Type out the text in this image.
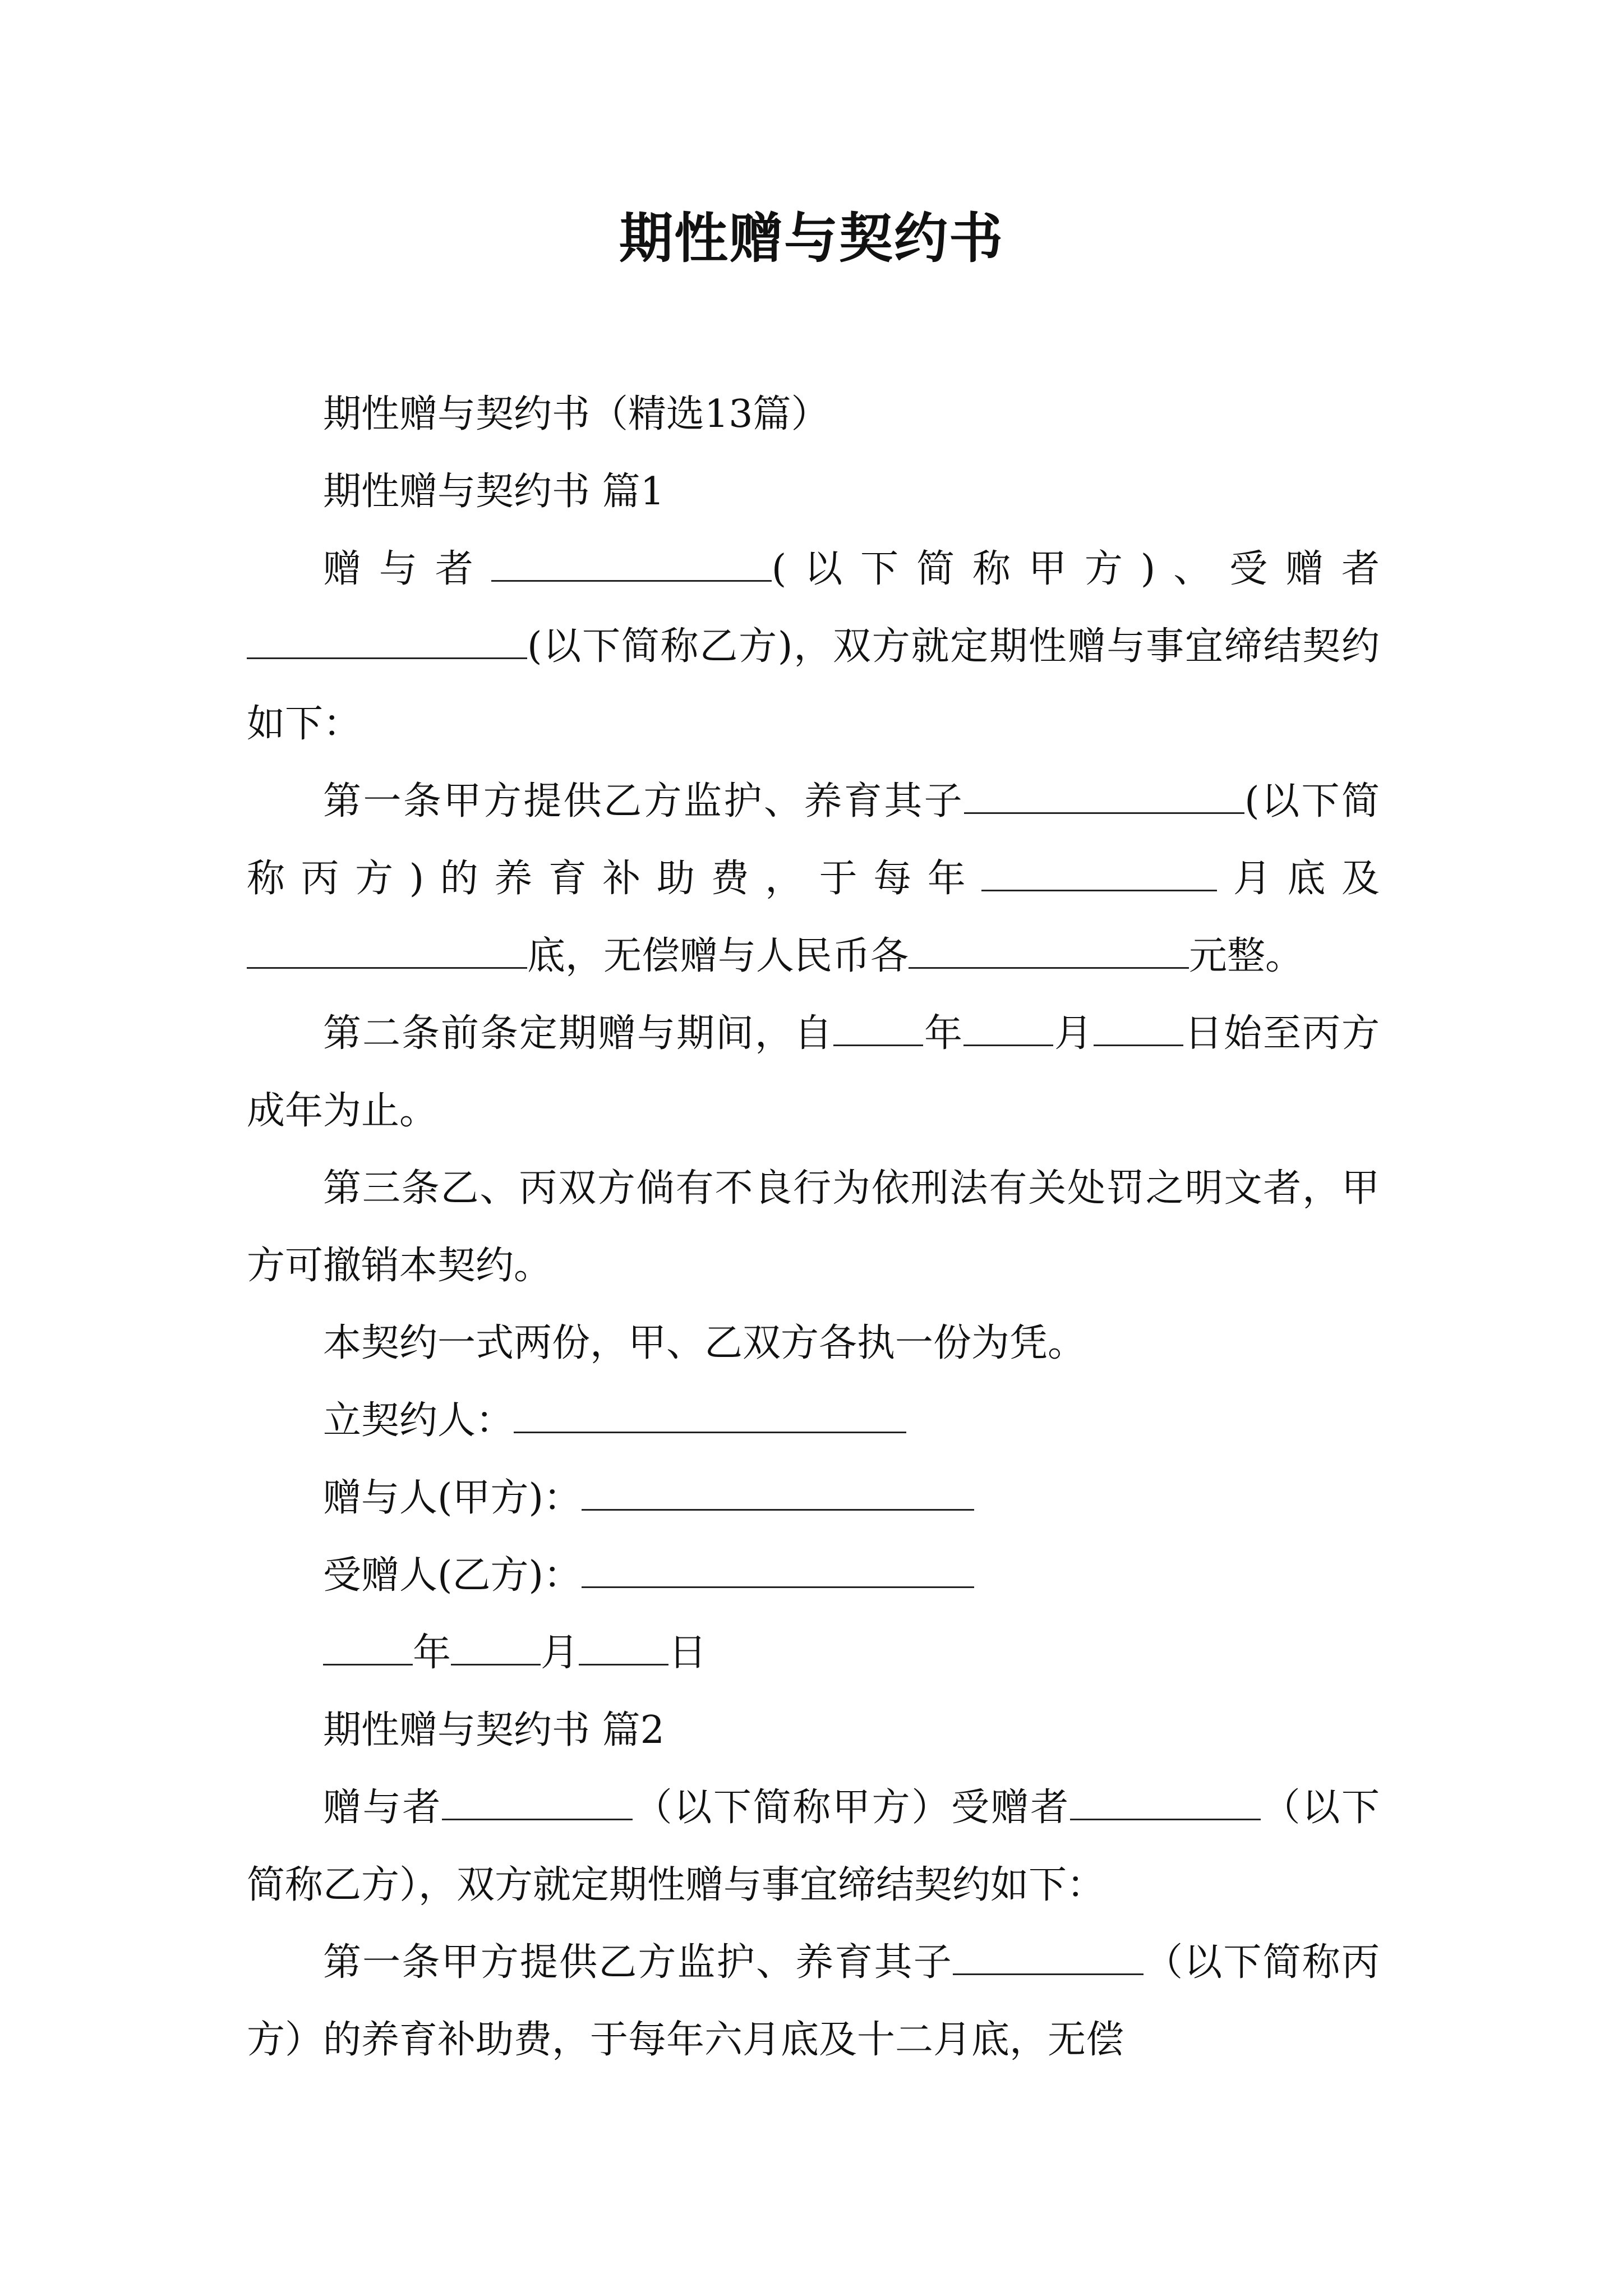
期性赠与契约书

期性赠与契约书（精选13篇）

期性赠与契约书 篇1

赠与者	(以下简称甲方)、受赠者(以下简称乙方)，双方就定期性赠与事宜缔结契约如下：

第一条甲方提供乙方监护、养育其子	(以下简称丙方)的养育补助费，于每年	月底及底，无偿赠与人民币各	元整。

第二条前条定期赠与期间，自 年 月 日始至丙方成年为止。

第三条乙、丙双方倘有不良行为依刑法有关处罚之明文者，甲方可撤销本契约。

本契约一式两份，甲、乙双方各执一份为凭。

立契约人：

赠与人(甲方)：

受赠人(乙方)：

年 月 日

期性赠与契约书 篇2

赠与者	（以下简称甲方）受赠者	（以下简称乙方），双方就定期性赠与事宜缔结契约如下：

第一条甲方提供乙方监护、养育其子	（以下简称丙方）的养育补助费，于每年六月底及十二月底，无偿
